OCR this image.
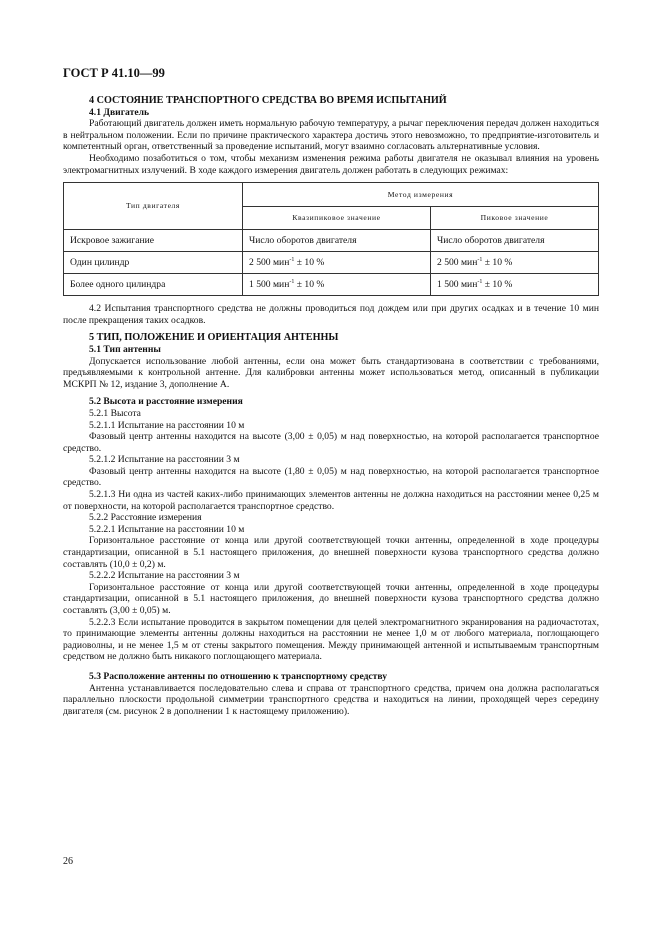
ГОСТ Р 41.10—99

4 СОСТОЯНИЕ ТРАНСПОРТНОГО СРЕДСТВА ВО ВРЕМЯ ИСПЫТАНИЙ

4.1 Двигатель

Работающий двигатель должен иметь нормальную рабочую температуру, а рычаг переключения передач должен находиться в нейтральном положении. Если по причине практического характера достичь этого невозможно, то предприятие-изготовитель и компетентный орган, ответственный за проведение испытаний, могут взаимно согласовать альтернативные условия.

Необходимо позаботиться о том, чтобы механизм изменения режима работы двигателя не оказывал влияния на уровень электромагнитных излучений. В ходе каждого измерения двигатель должен работать в следующих режимах:

Тип двигателя	Метод измерения	
	Квазипиковое значение	Пиковое значение
Искровое зажигание	Число оборотов двигателя	Число оборотов двигателя
Один цилиндр	2 500 мин$^{-1}$ ± 10 %	2 500 мин$^{-1}$ ± 10 %
Более одного цилиндра	1 500 мин$^{-1}$ ± 10 %	1 500 мин$^{-1}$ ± 10 %

4.2 Испытания транспортного средства не должны проводиться под дождем или при других осадках и в течение 10 мин после прекращения таких осадков.

5 ТИП, ПОЛОЖЕНИЕ И ОРИЕНТАЦИЯ АНТЕННЫ

5.1 Тип антенны

Допускается использование любой антенны, если она может быть стандартизована в соответствии с требованиями, предъявляемыми к контрольной антенне. Для калибровки антенны может использоваться метод, описанный в публикации МСКРП № 12, издание 3, дополнение А.

5.2 Высота и расстояние измерения

5.2.1 Высота

5.2.1.1 Испытание на расстоянии 10 м

Фазовый центр антенны находится на высоте (3,00 ± 0,05) м над поверхностью, на которой располагается транспортное средство.

5.2.1.2 Испытание на расстоянии 3 м

Фазовый центр антенны находится на высоте (1,80 ± 0,05) м над поверхностью, на которой располагается транспортное средство.

5.2.1.3 Ни одна из частей каких-либо принимающих элементов антенны не должна находиться на расстоянии менее 0,25 м от поверхности, на которой располагается транспортное средство.

5.2.2 Расстояние измерения

5.2.2.1 Испытание на расстоянии 10 м

Горизонтальное расстояние от конца или другой соответствующей точки антенны, определенной в ходе процедуры стандартизации, описанной в 5.1 настоящего приложения, до внешней поверхности кузова транспортного средства должно составлять (10,0 ± 0,2) м.

5.2.2.2 Испытание на расстоянии 3 м

Горизонтальное расстояние от конца или другой соответствующей точки антенны, определенной в ходе процедуры стандартизации, описанной в 5.1 настоящего приложения, до внешней поверхности кузова транспортного средства должно составлять (3,00 ± 0,05) м.

5.2.2.3 Если испытание проводится в закрытом помещении для целей электромагнитного экранирования на радиочастотах, то принимающие элементы антенны должны находиться на расстоянии не менее 1,0 м от любого материала, поглощающего радиоволны, и не менее 1,5 м от стены закрытого помещения. Между принимающей антенной и испытываемым транспортным средством не должно быть никакого поглощающего материала.

5.3 Расположение антенны по отношению к транспортному средству

Антенна устанавливается последовательно слева и справа от транспортного средства, причем она должна располагаться параллельно плоскости продольной симметрии транспортного средства и находиться на линии, проходящей через середину двигателя (см. рисунок 2 в дополнении 1 к настоящему приложению).

26
